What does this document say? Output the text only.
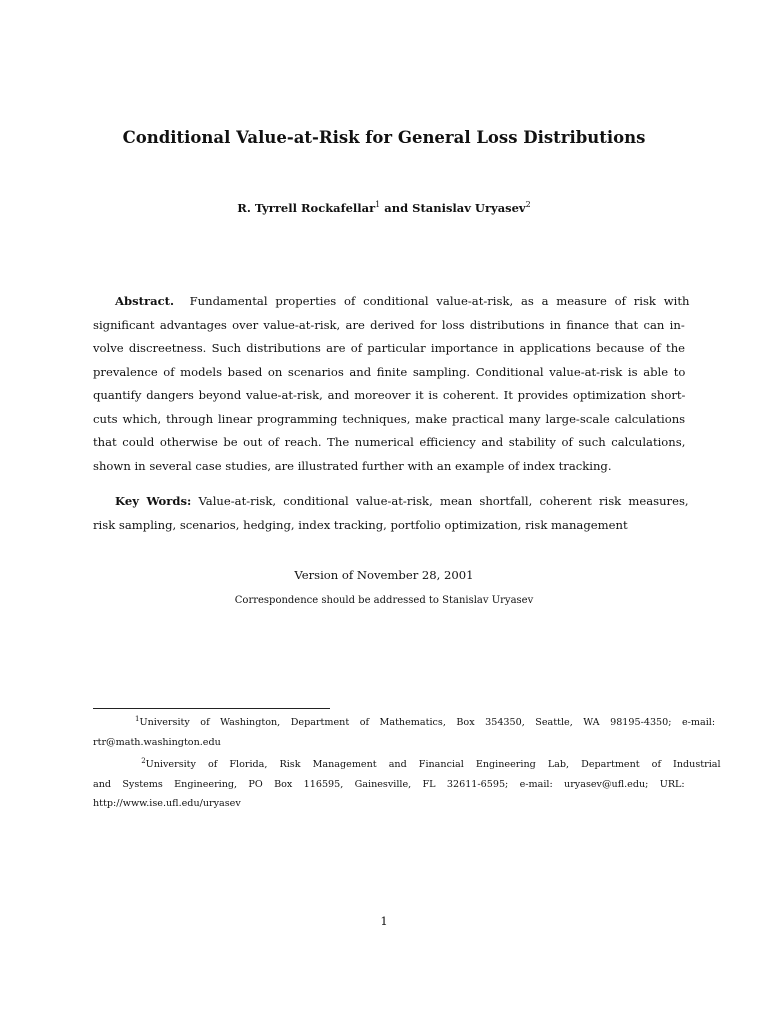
Conditional Value-at-Risk for General Loss Distributions
R. Tyrrell Rockafellar$^1$ and Stanislav Uryasev$^2$
Abstract. Fundamental properties of conditional value-at-risk, as a measure of risk with
significant advantages over value-at-risk, are derived for loss distributions in finance that can in-
volve discreetness. Such distributions are of particular importance in applications because of the
prevalence of models based on scenarios and finite sampling. Conditional value-at-risk is able to
quantify dangers beyond value-at-risk, and moreover it is coherent. It provides optimization short-
cuts which, through linear programming techniques, make practical many large-scale calculations
that could otherwise be out of reach. The numerical efficiency and stability of such calculations,
shown in several case studies, are illustrated further with an example of index tracking.
Key Words: Value-at-risk, conditional value-at-risk, mean shortfall, coherent risk measures,
risk sampling, scenarios, hedging, index tracking, portfolio optimization, risk management
Version of November 28, 2001
Correspondence should be addressed to Stanislav Uryasev
$^1$University of Washington, Department of Mathematics, Box 354350, Seattle, WA 98195-4350; e-mail:
rtr@math.washington.edu
$^2$University of Florida, Risk Management and Financial Engineering Lab, Department of Industrial
and Systems Engineering, PO Box 116595, Gainesville, FL 32611-6595; e-mail: uryasev@ufl.edu; URL:
http://www.ise.ufl.edu/uryasev
1
